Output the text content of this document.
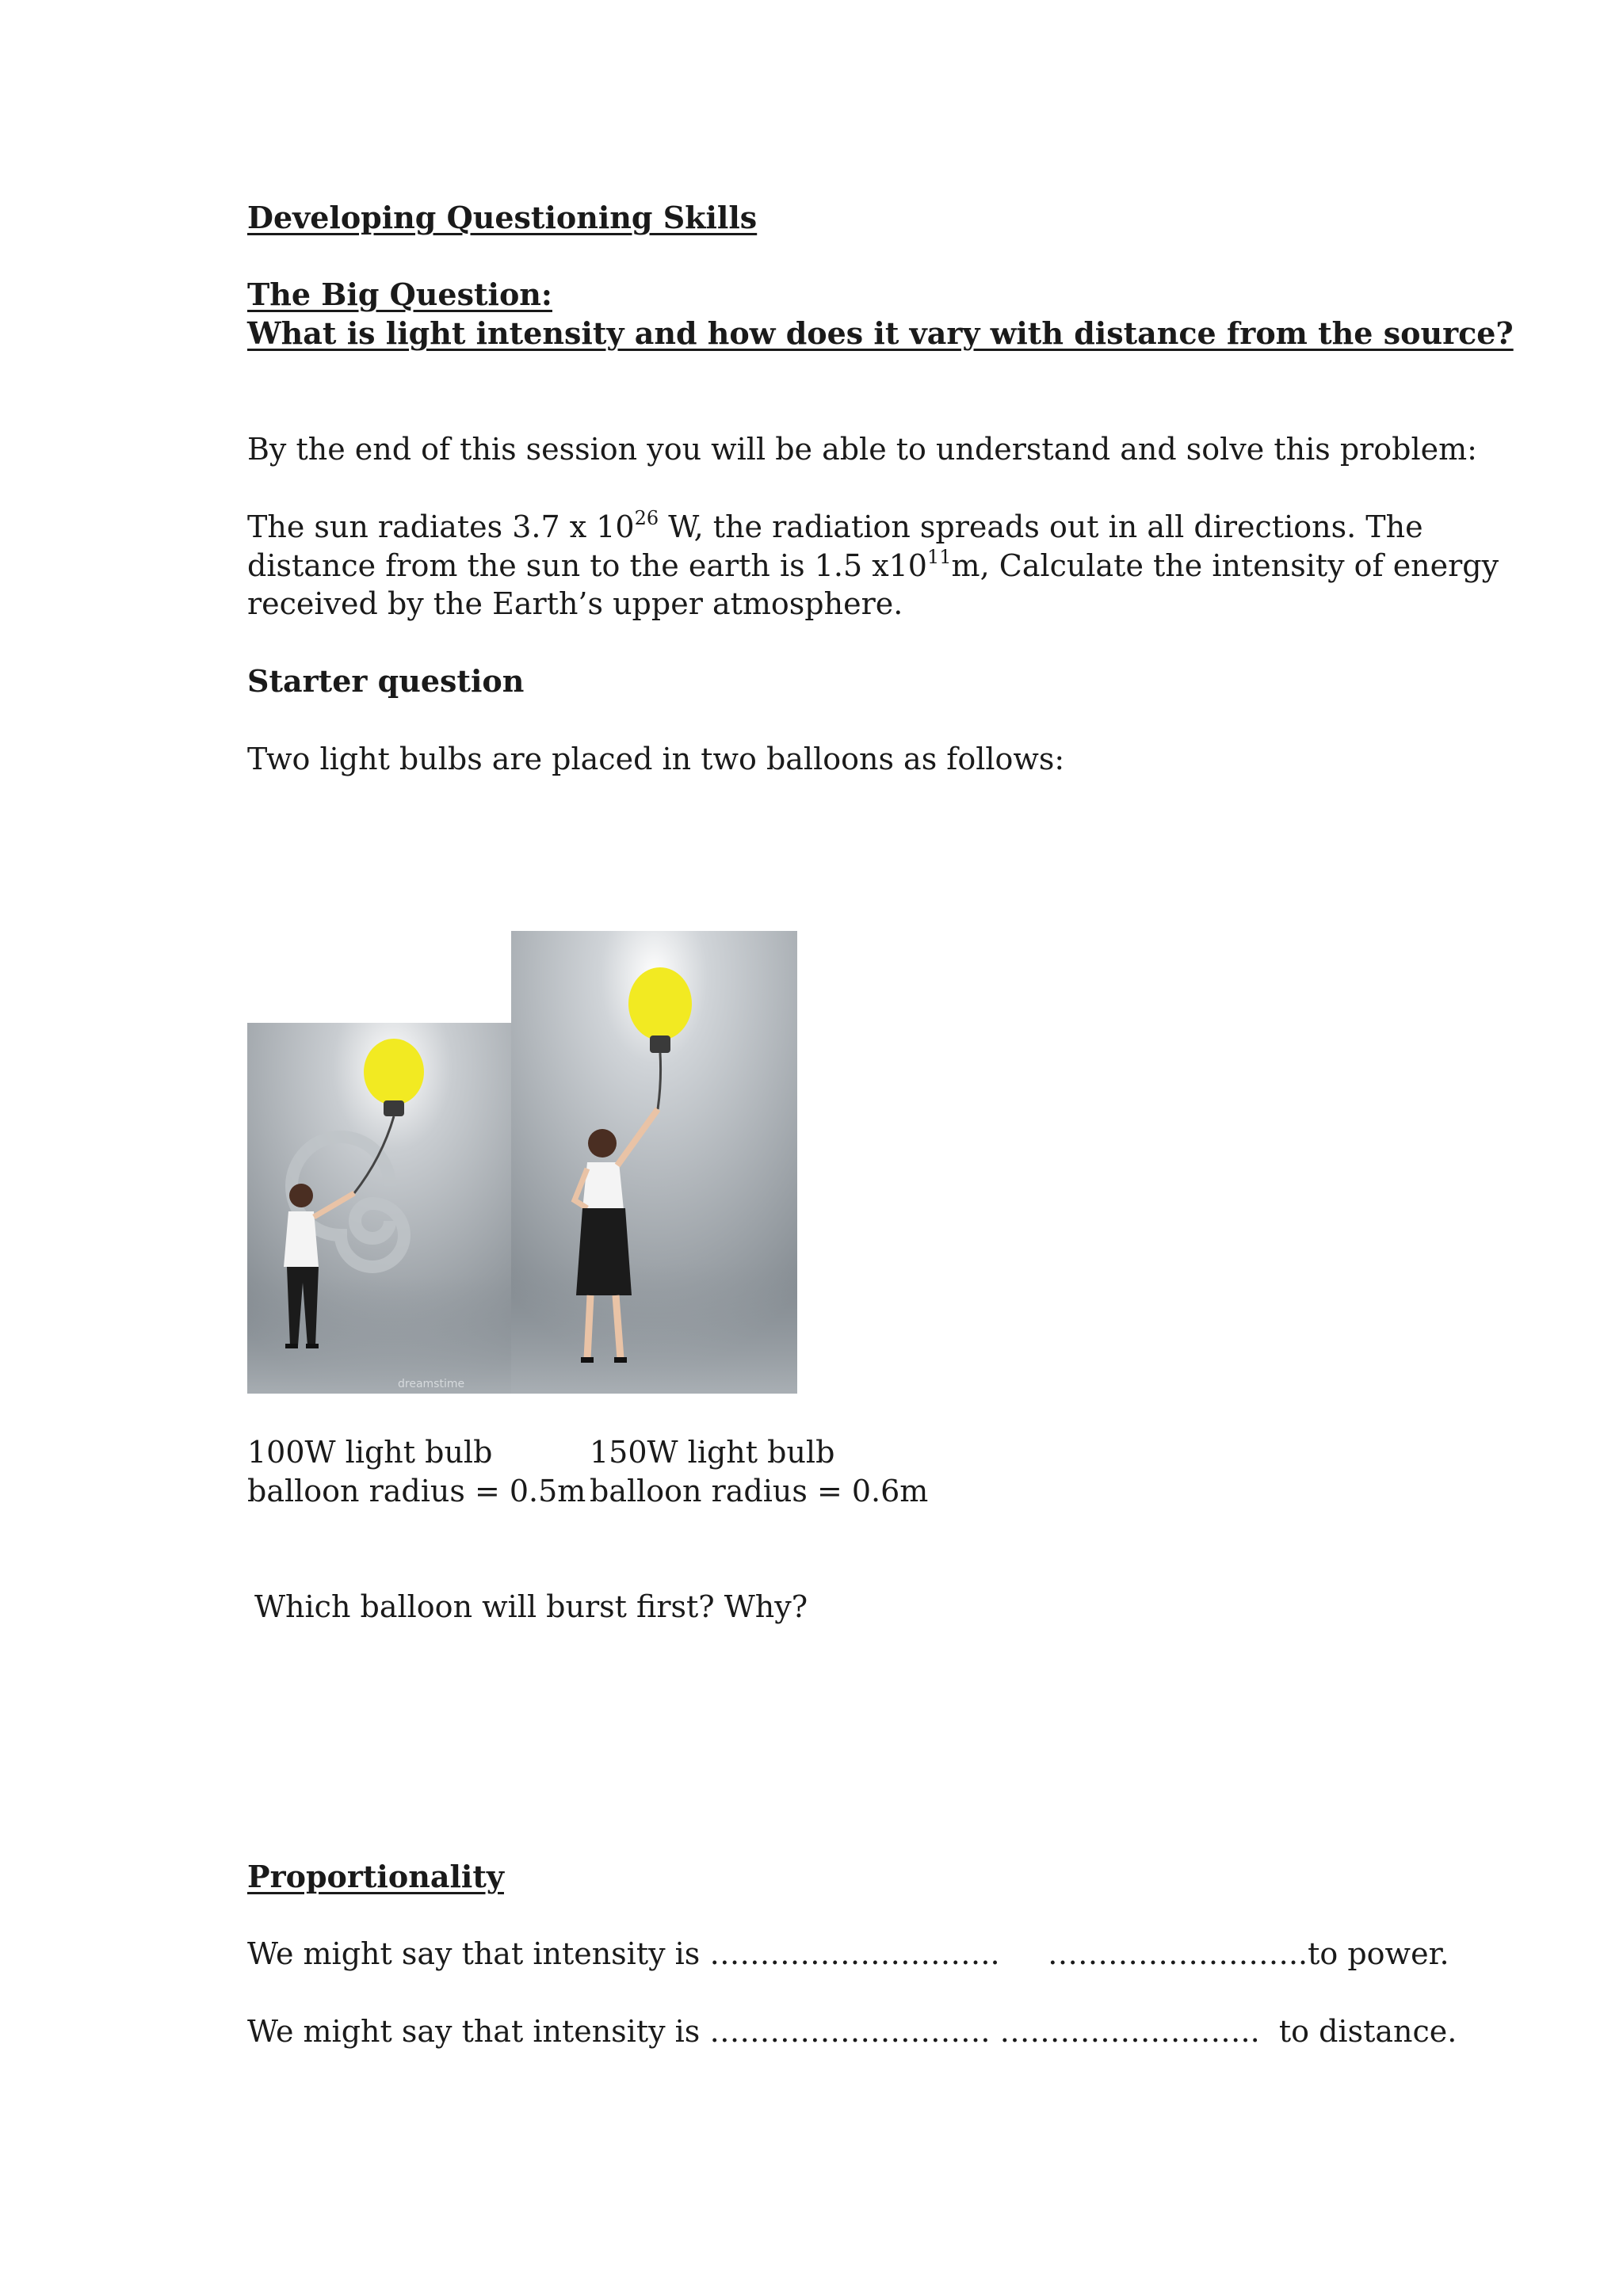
Developing Questioning Skills
The Big Question:
What is light intensity and how does it vary with distance from the source?
By the end of this session you will be able to understand and solve this problem:
The sun radiates 3.7 x $10^{26}$ W, the radiation spreads out in all directions. The
distance from the sun to the earth is 1.5 $x10^{11}m$, Calculate the intensity of energy
received by the Earth’s upper atmosphere.
Starter question
Two light bulbs are placed in two balloons as follows:
dreamstime
100W light bulb
balloon radius = 0.5m
150W light bulb
balloon radius = 0.6m
Which balloon will burst first? Why?
Proportionality
We might say that intensity is ……………………….. ……………………..to power.
We might say that intensity is ………………………. …………………….. to distance.
